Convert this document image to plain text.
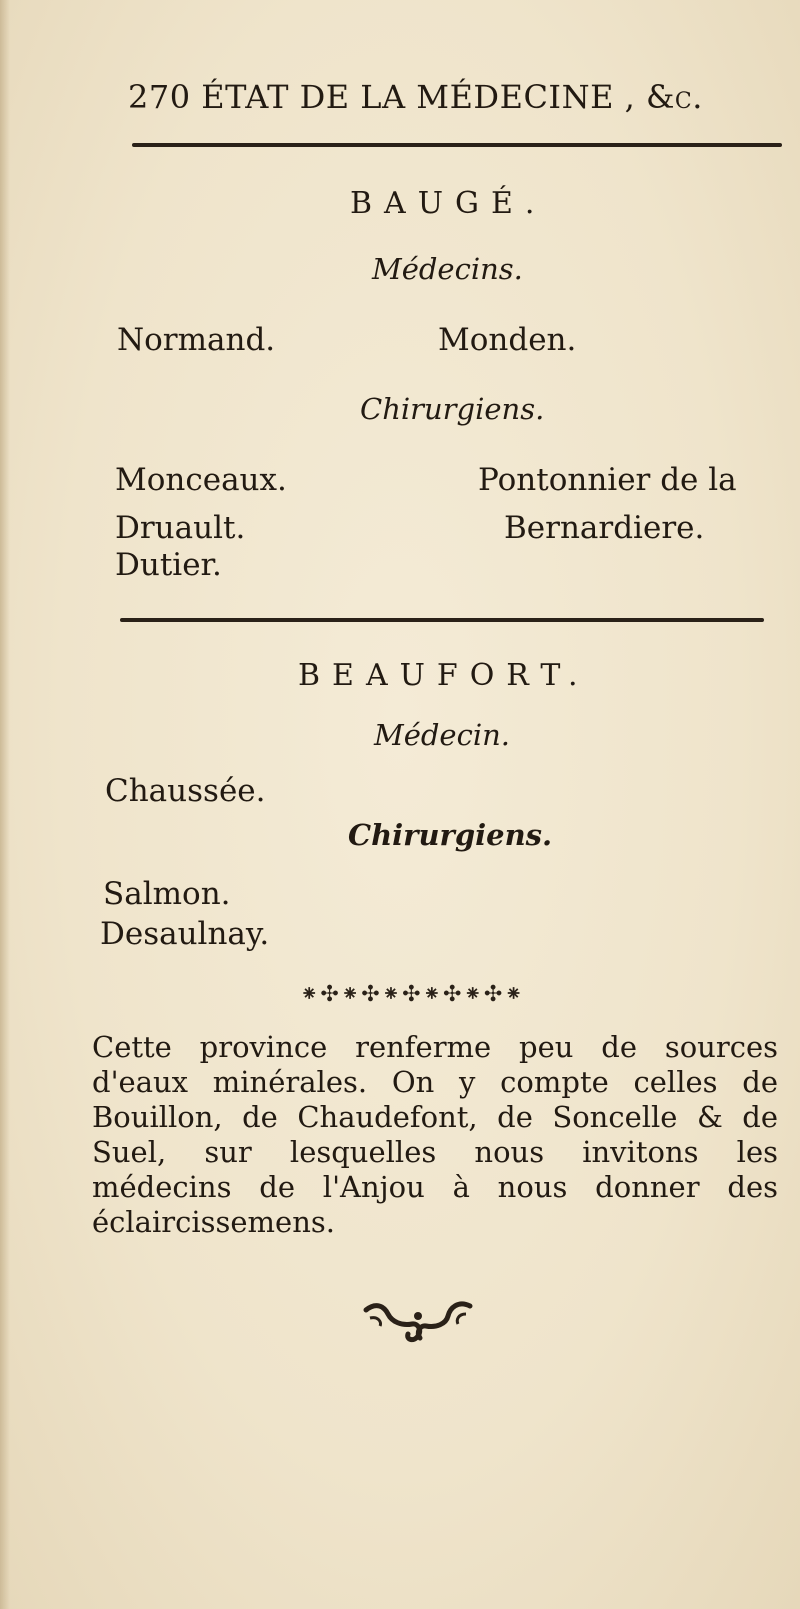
270 ÉTAT DE LA MÉDECINE , &c.
BAUGÉ.
Médecins.
Normand.	Monden.
Chirurgiens.
Monceaux.
Druault.
Dutier.
Pontonnier de la
Bernardiere.
BEAUFORT.
Médecin.
Chaussée.
Chirurgiens.
Salmon.
Desaulnay.
⁕✣⁕✣⁕✣⁕✣⁕✣⁕
Cette province renferme peu de sources d'eaux minérales. On y compte celles de Bouillon, de Chaudefont, de Soncelle & de Suel, sur lesquelles nous invitons les médecins de l'Anjou à nous donner des éclaircissemens.
